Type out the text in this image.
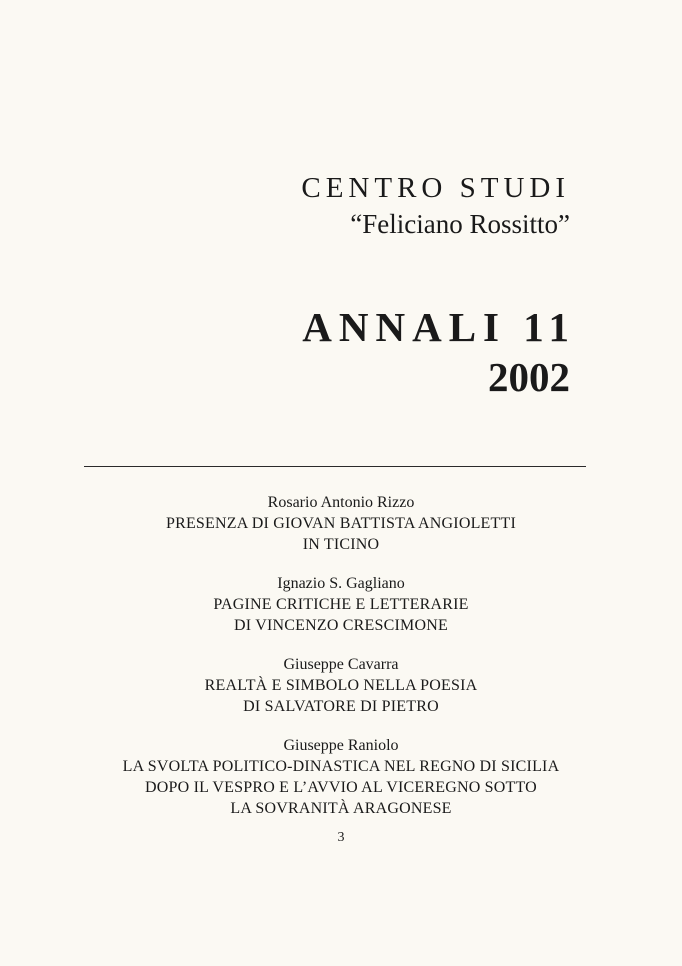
CENTRO STUDI
“Feliciano Rossitto”
ANNALI 11
2002
Rosario Antonio Rizzo
PRESENZA DI GIOVAN BATTISTA ANGIOLETTI
IN TICINO
Ignazio S. Gagliano
PAGINE CRITICHE E LETTERARIE
DI VINCENZO CRESCIMONE
Giuseppe Cavarra
REALTÀ E SIMBOLO NELLA POESIA
DI SALVATORE DI PIETRO
Giuseppe Raniolo
LA SVOLTA POLITICO-DINASTICA NEL REGNO DI SICILIA
DOPO IL VESPRO E L’AVVIO AL VICEREGNO SOTTO
LA SOVRANITÀ ARAGONESE
3
